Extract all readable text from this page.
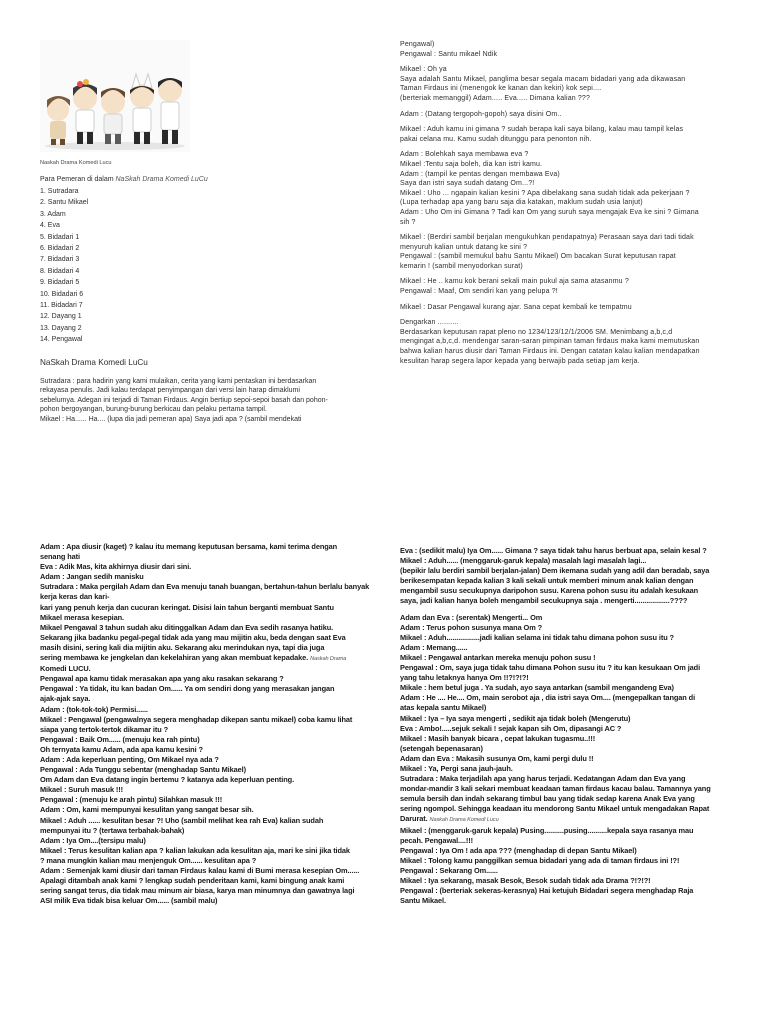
Naskah Drama Komedi Lucu
Para Pemeran di dalam NaSkah Drama Komedi LuCu
1. Sutradara
2. Santu Mikael
3. Adam
4. Eva
5. Bidadari 1
6. Bidadari 2
7. Bidadari 3
8. Bidadari 4
9. Bidadari 5
10. Bidadari 6
11. Bidadari 7
12. Dayang 1
13. Dayang 2
14. Pengawal
NaSkah Drama Komedi LuCu
Sutradara : para hadirin yang kami mulaikan, cerita yang kami pentaskan ini berdasarkan
rekayasa penulis. Jadi kalau terdapat penyimpangan dari versi lain harap dimaklumi
sebelumya. Adegan ini terjadi di Taman Firdaus. Angin bertiup sepoi-sepoi basah dan pohon-
pohon bergoyangan, burung-burung berkicau dan pelaku pertama tampil.
Mikael : Ha...... Ha.... (lupa dia jadi pemeran apa) Saya jadi apa ? (sambil mendekati

Pengawal)
Pengawal : Santu mikael Ndik

Mikael : Oh ya
Saya adalah Santu Mikael, panglima besar segala macam bidadari yang ada dikawasan
Taman Firdaus ini (menengok ke kanan dan kekiri) kok sepi....
(berteriak memanggil) Adam..... Eva..... Dimana kalian ???

Adam : (Datang tergopoh-gopoh) saya disini Om..

Mikael : Aduh kamu ini gimana ? sudah berapa kali saya bilang, kalau mau tampil kelas
pakai celana mu. Kamu sudah ditunggu para penonton nih.

Adam : Bolehkah saya membawa eva ?
Mikael :Tentu saja boleh, dia kan istri kamu.
Adam : (tampil ke pentas dengan membawa Eva)
Saya dan istri saya sudah datang Om...?!
Mikael : Uho ... ngapain kalian kesini ? Apa dibelakang sana sudah tidak ada pekerjaan ?
(Lupa terhadap apa yang baru saja dia katakan, maklum sudah usia lanjut)
Adam : Uho Om ini Gimana ? Tadi kan Om yang suruh saya mengajak Eva ke sini ? Gimana
sih ?

Mikael : (Berdiri sambil berjalan mengukuhkan pendapatnya) Perasaan saya dari tadi tidak
menyuruh kalian untuk datang ke sini ?
Pengawal : (sambil memukul bahu Santu Mikael) Om bacakan Surat keputusan rapat
kemarin ! (sambil menyodorkan surat)

Mikael : He .. kamu kok berani sekali main pukul aja sama atasanmu ?
Pengawal : Maaf, Om sendiri kan yang pelupa ?!

Mikael : Dasar Pengawal kurang ajar. Sana cepat kembali ke tempatmu

Dengarkan ..........
Berdasarkan keputusan rapat pleno no 1234/123/12/1/2006 SM. Menimbang a,b,c,d
mengingat a,b,c,d. mendengar saran-saran pimpinan taman firdaus maka kami memutuskan
bahwa kalian harus diusir dari Taman Firdaus ini. Dengan catatan kalau kalian mendapatkan
kesulitan harap segera lapor kepada yang berwajib pada setiap jam kerja.

Adam : Apa diusir (kaget) ? kalau itu memang keputusan bersama, kami terima dengan
senang hati
Eva : Adik Mas, kita akhirnya diusir dari sini.
Adam : Jangan sedih manisku
Sutradara : Maka pergilah Adam dan Eva menuju tanah buangan, bertahun-tahun berlalu banyak kerja keras dan kari-
kari yang penuh kerja dan cucuran keringat. Disisi lain tahun berganti membuat Santu
Mikael merasa kesepian.
Mikael Pengawal 3 tahun sudah aku ditinggalkan Adam dan Eva sedih rasanya hatiku.
Sekarang jika badanku pegal-pegal tidak ada yang mau mijitin aku, beda dengan saat Eva
masih disini, sering kali dia mijitin aku. Sekarang aku merindukan nya, tapi dia juga
sering membawa ke jengkelan dan kekelahiran yang akan membuat kepadake. Naskah Drama
Komedi LUCU.
Pengawal apa kamu tidak merasakan apa yang aku rasakan sekarang ?
Pengawal : Ya tidak, itu kan badan Om...... Ya om sendiri dong yang merasakan jangan
ajak-ajak saya.
Adam : (tok-tok-tok) Permisi......
Mikael : Pengawal (pengawalnya segera menghadap dikepan santu mikael) coba kamu lihat
siapa yang tertok-tertok dikamar itu ?
Pengawal : Baik Om...... (menuju kea rah pintu)
Oh ternyata kamu Adam, ada apa kamu kesini ?
Adam : Ada keperluan penting, Om Mikael nya ada ?
Pengawal : Ada Tunggu sebentar (menghadap Santu Mikael)
Om Adam dan Eva datang ingin bertemu ? katanya ada keperluan penting.
Mikael : Suruh masuk !!!
Pengawal : (menuju ke arah pintu) Silahkan masuk !!!
Adam : Om, kami mempunyai kesulitan yang sangat besar sih.
Mikael : Aduh ...... kesulitan besar ?! Uho (sambil melihat kea rah Eva) kalian sudah
mempunyai itu ? (tertawa terbahak-bahak)
Adam : Iya Om....(tersipu malu)
Mikael : Terus kesulitan kalian apa ? kalian lakukan ada kesulitan aja, mari ke sini jika tidak
? mana mungkin kalian mau menjenguk Om...... kesulitan apa ?
Adam : Semenjak kami diusir dari taman Firdaus kalau kami di Bumi merasa kesepian Om......
Apalagi ditambah anak kami ? lengkap sudah penderitaan kami, kami bingung anak kami
sering sangat terus, dia tidak mau minum air biasa, karya man minumnya dan gawatnya lagi
ASI milik Eva tidak bisa keluar Om...... (sambil malu)
Eva : (sedikit malu) Iya Om...... Gimana ? saya tidak tahu harus berbuat apa, selain kesal ?
Mikael : Aduh...... (menggaruk-garuk kepala) masalah lagi masalah lagi...
(bepikir lalu berdiri sambil berjalan-jalan) Dem ikemana sudah yang adil dan beradab, saya
berikesempatan kepada kalian 3 kali sekali untuk memberi minum anak kalian dengan
mengambil susu secukupnya daripohon susu. Karena pohon susu itu adalah kesukaan
saya, jadi kalian hanya boleh mengambil secukupnya saja . mengerti..................????
Adam dan Eva : (serentak) Mengerti... Om
Adam : Terus pohon susunya mana Om ?
Mikael : Aduh.................jadi kalian selama ini tidak tahu dimana pohon susu itu ?
Adam : Memang......
Mikael : Pengawal antarkan mereka menuju pohon susu !
Pengawal : Om, saya juga tidak tahu dimana Pohon susu itu ? itu kan kesukaan Om jadi
yang tahu letaknya hanya Om !!?!?!?!
Mikale : hem betul juga . Ya sudah, ayo saya antarkan (sambil mengandeng Eva)
Adam : He .... He.... Om, main serobot aja , dia istri saya Om.... (mengepalkan tangan di
atas kepala santu Mikael)
Mikael : Iya – Iya saya mengerti , sedikit aja tidak boleh (Mengerutu)
Eva : Ambo!.....sejuk sekali ! sejak kapan sih Om, dipasangi AC ?
Mikael : Masih banyak bicara , cepat lakukan tugasmu..!!!
(setengah bepenasaran)
Adam dan Eva : Makasih susunya Om, kami pergi dulu !!
Mikael : Ya, Pergi sana jauh-jauh.
Sutradara : Maka terjadilah apa yang harus terjadi. Kedatangan Adam dan Eva yang
mondar-mandir 3 kali sekari membuat keadaan taman firdaus kacau balau. Tamannya yang
semula bersih dan indah sekarang timbul bau yang tidak sedap karena Anak Eva yang
sering ngompol. Sehingga keadaan itu mendorong Santu Mikael untuk mengadakan Rapat
Darurat. Naskah Drama Komedi Lucu
Mikael : (menggaruk-garuk kepala) Pusing..........pusing..........kepala saya rasanya mau
pecah. Pengawal....!!!
Pengawal : Iya Om ! ada apa ??? (menghadap di depan Santu Mikael)
Mikael : Tolong kamu panggilkan semua bidadari yang ada di taman firdaus ini !?!
Pengawal : Sekarang Om......
Mikael : Iya sekarang, masak Besok, Besok sudah tidak ada Drama ?!?!?!
Pengawal : (berteriak sekeras-kerasnya) Hai ketujuh Bidadari segera menghadap Raja
Santu Mikael.
